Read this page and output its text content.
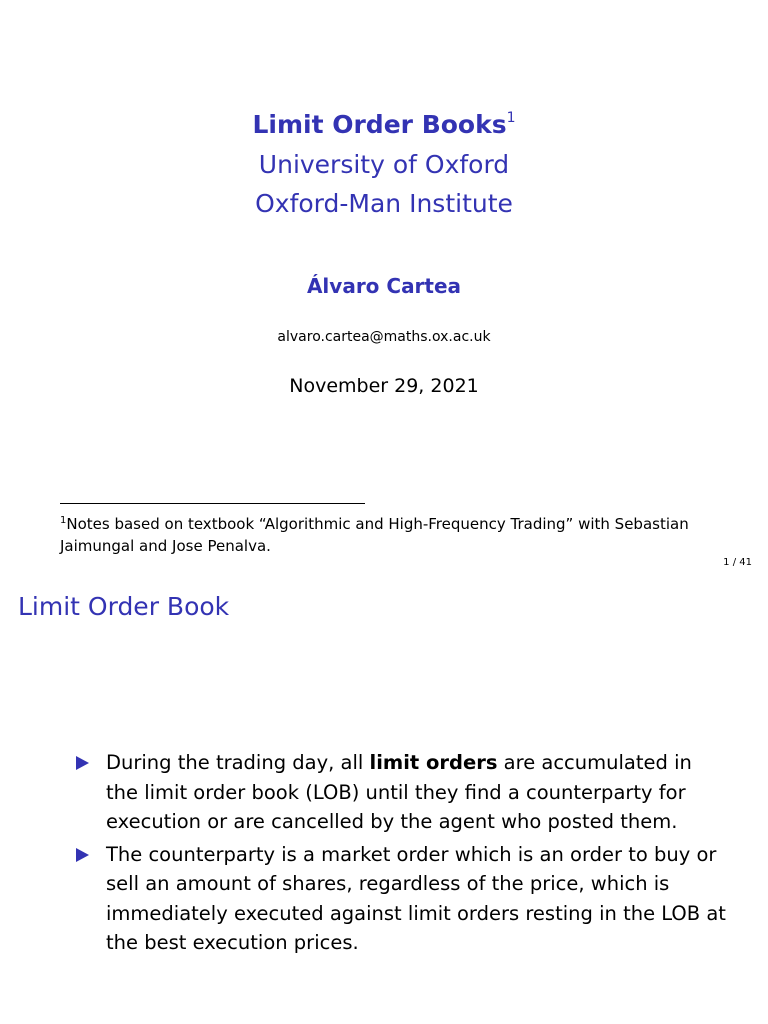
Limit Order Books$^1$
University of Oxford
Oxford-Man Institute
Álvaro Cartea
alvaro.cartea@maths.ox.ac.uk
November 29, 2021
$^1$Notes based on textbook “Algorithmic and High-Frequency Trading” with Sebastian Jaimungal and Jose Penalva.
1 / 41
Limit Order Book
During the trading day, all limit orders are accumulated in the limit order book (LOB) until they find a counterparty for execution or are cancelled by the agent who posted them.
The counterparty is a market order which is an order to buy or sell an amount of shares, regardless of the price, which is immediately executed against limit orders resting in the LOB at the best execution prices.
